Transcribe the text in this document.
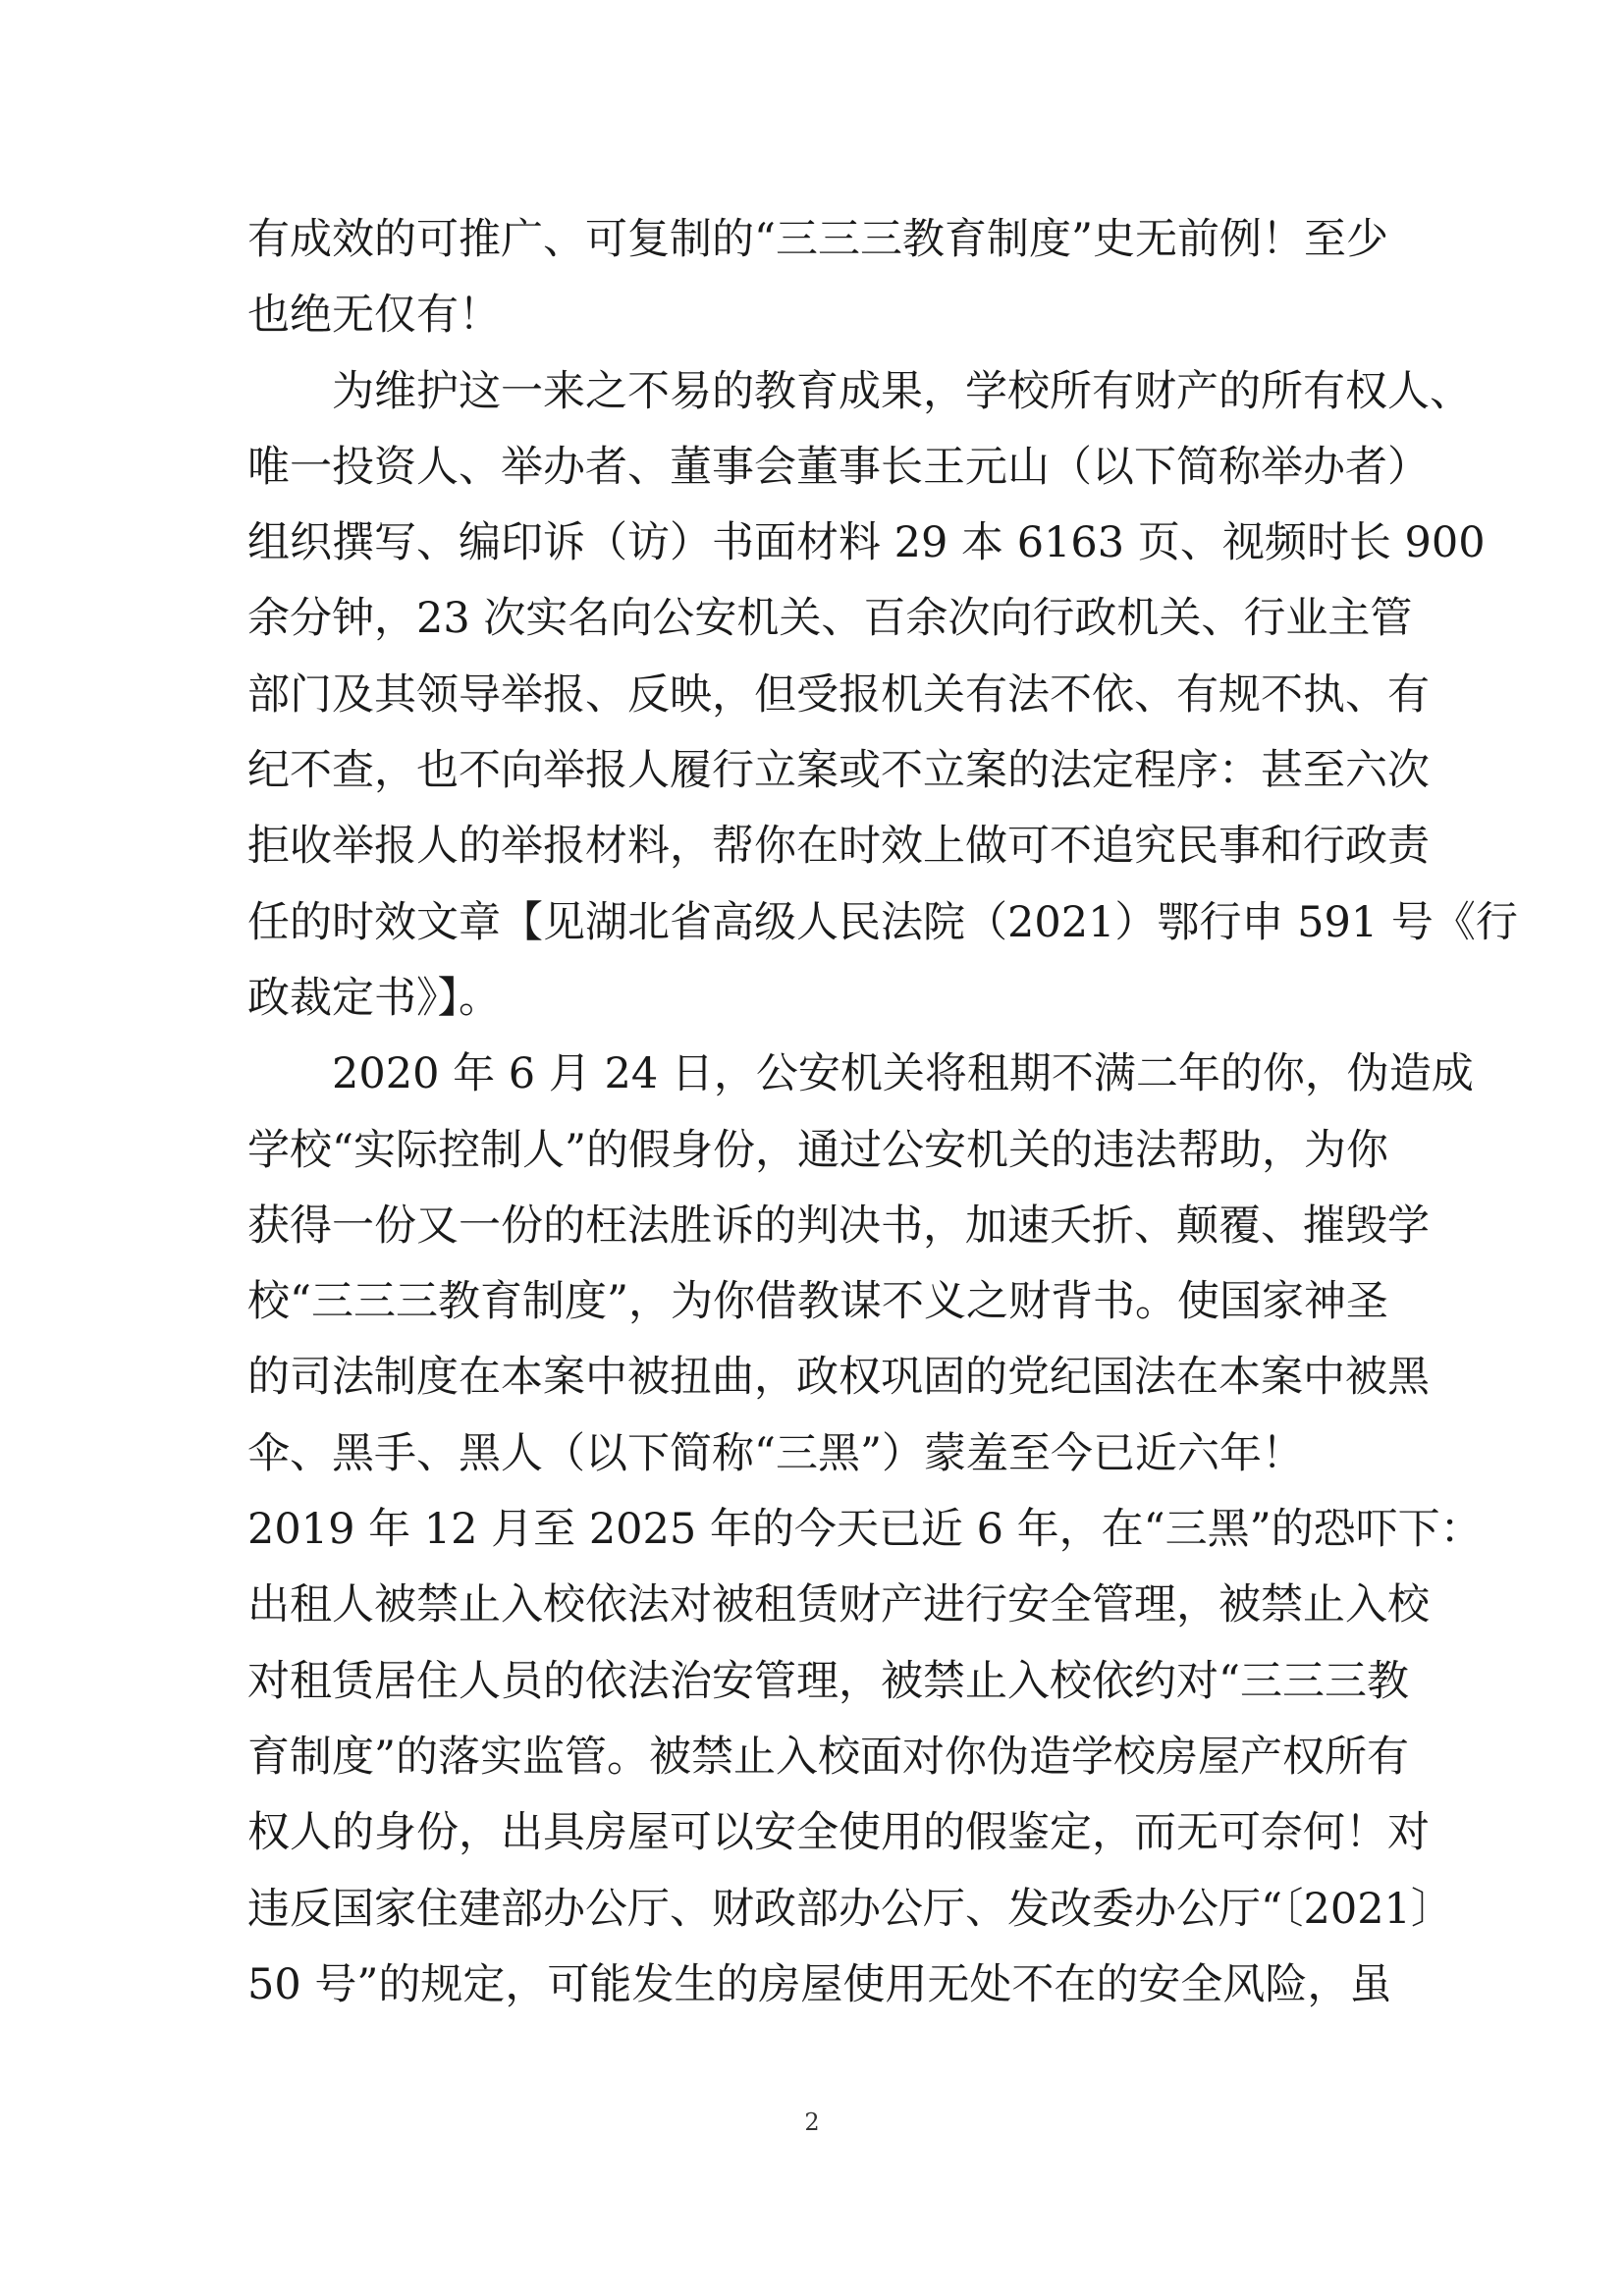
有成效的可推广、可复制的“三三三教育制度”史无前例！至少
也绝无仅有！
为维护这一来之不易的教育成果，学校所有财产的所有权人、
唯一投资人、举办者、董事会董事长王元山（以下简称举办者）
组织撰写、编印诉（访）书面材料 29 本 6163 页、视频时长 900
余分钟，23 次实名向公安机关、百余次向行政机关、行业主管
部门及其领导举报、反映，但受报机关有法不依、有规不执、有
纪不查，也不向举报人履行立案或不立案的法定程序：甚至六次
拒收举报人的举报材料，帮你在时效上做可不追究民事和行政责
任的时效文章【见湖北省高级人民法院（2021）鄂行申 591 号《行
政裁定书》】。
2020 年 6 月 24 日，公安机关将租期不满二年的你，伪造成
学校“实际控制人”的假身份，通过公安机关的违法帮助，为你
获得一份又一份的枉法胜诉的判决书，加速夭折、颠覆、摧毁学
校“三三三教育制度”，为你借教谋不义之财背书。使国家神圣
的司法制度在本案中被扭曲，政权巩固的党纪国法在本案中被黑
伞、黑手、黑人（以下简称“三黑”）蒙羞至今已近六年！
2019 年 12 月至 2025 年的今天已近 6 年，在“三黑”的恐吓下：
出租人被禁止入校依法对被租赁财产进行安全管理，被禁止入校
对租赁居住人员的依法治安管理，被禁止入校依约对“三三三教
育制度”的落实监管。被禁止入校面对你伪造学校房屋产权所有
权人的身份，出具房屋可以安全使用的假鉴定，而无可奈何！对
违反国家住建部办公厅、财政部办公厅、发改委办公厅“〔2021〕
50 号”的规定，可能发生的房屋使用无处不在的安全风险，虽
2
